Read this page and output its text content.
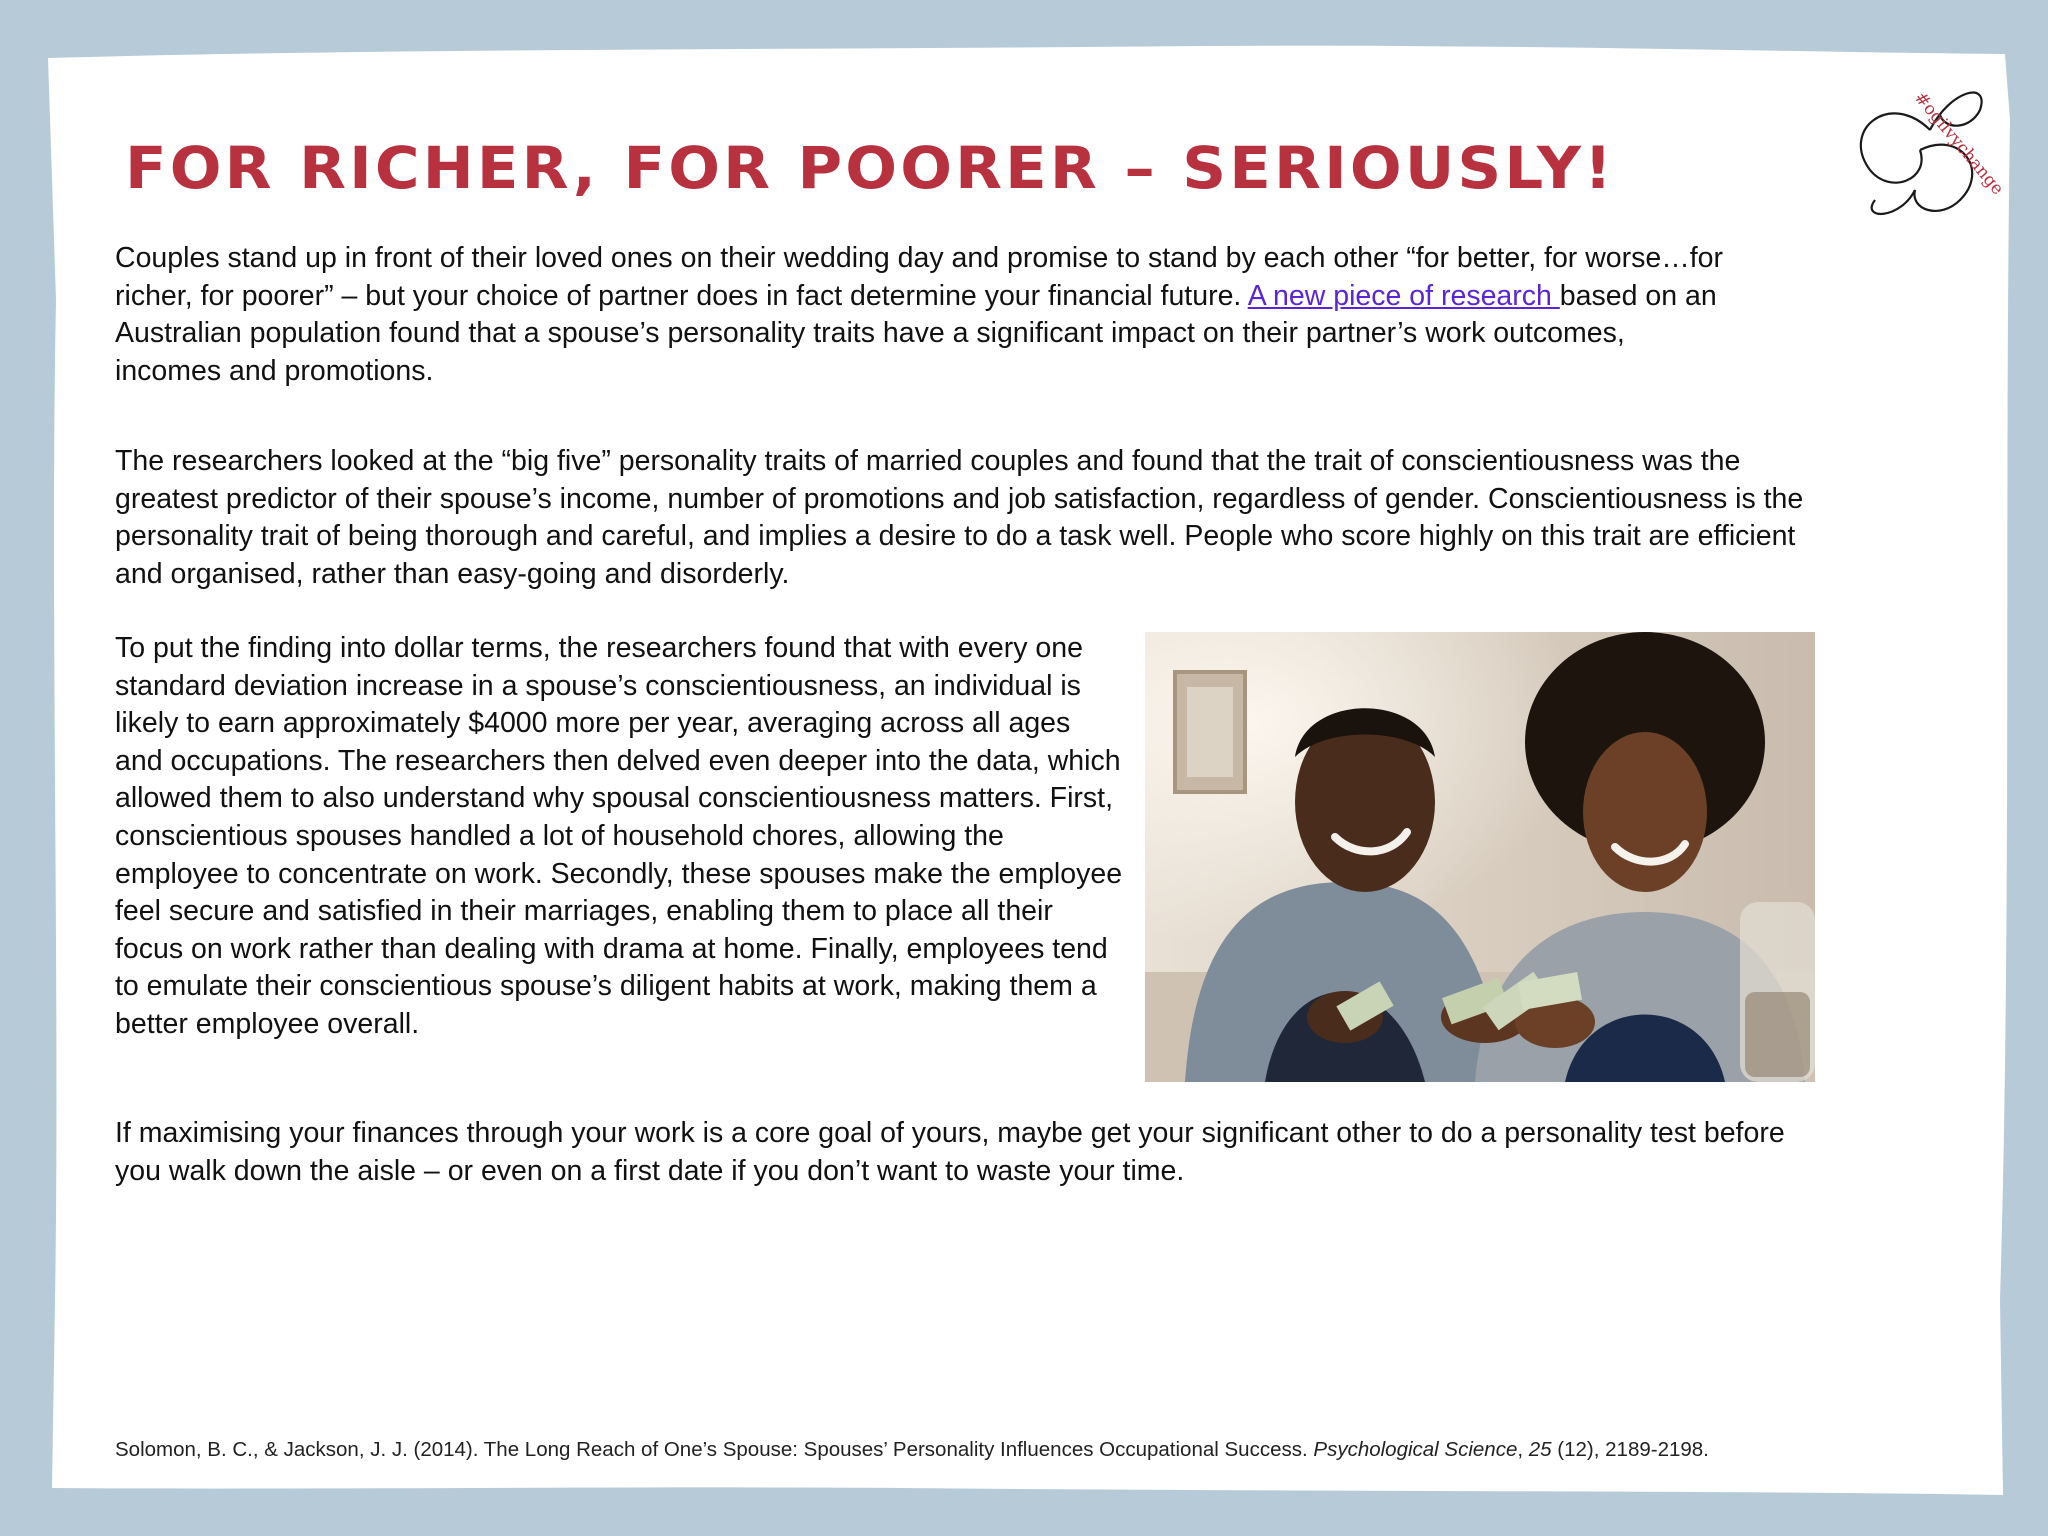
FOR RICHER, FOR POORER – SERIOUSLY!	#ogilvychange
Couples stand up in front of their loved ones on their wedding day and promise to stand by each other “for better, for worse…for richer, for poorer” – but your choice of partner does in fact determine your financial future. A new piece of research based on an Australian population found that a spouse’s personality traits have a significant impact on their partner’s work outcomes, incomes and promotions.
The researchers looked at the “big five” personality traits of married couples and found that the trait of conscientiousness was the greatest predictor of their spouse’s income, number of promotions and job satisfaction, regardless of gender. Conscientiousness is the personality trait of being thorough and careful, and implies a desire to do a task well. People who score highly on this trait are efficient and organised, rather than easy-going and disorderly.
To put the finding into dollar terms, the researchers found that with every one standard deviation increase in a spouse’s conscientiousness, an individual is likely to earn approximately $4000 more per year, averaging across all ages and occupations. The researchers then delved even deeper into the data, which allowed them to also understand why spousal conscientiousness matters. First, conscientious spouses handled a lot of household chores, allowing the employee to concentrate on work. Secondly, these spouses make the employee feel secure and satisfied in their marriages, enabling them to place all their focus on work rather than dealing with drama at home. Finally, employees tend to emulate their conscientious spouse’s diligent habits at work, making them a better employee overall.
If maximising your finances through your work is a core goal of yours, maybe get your significant other to do a personality test before you walk down the aisle – or even on a first date if you don’t want to waste your time.
Solomon, B. C., & Jackson, J. J. (2014). The Long Reach of One’s Spouse: Spouses’ Personality Influences Occupational Success. Psychological Science, 25 (12), 2189-2198.
